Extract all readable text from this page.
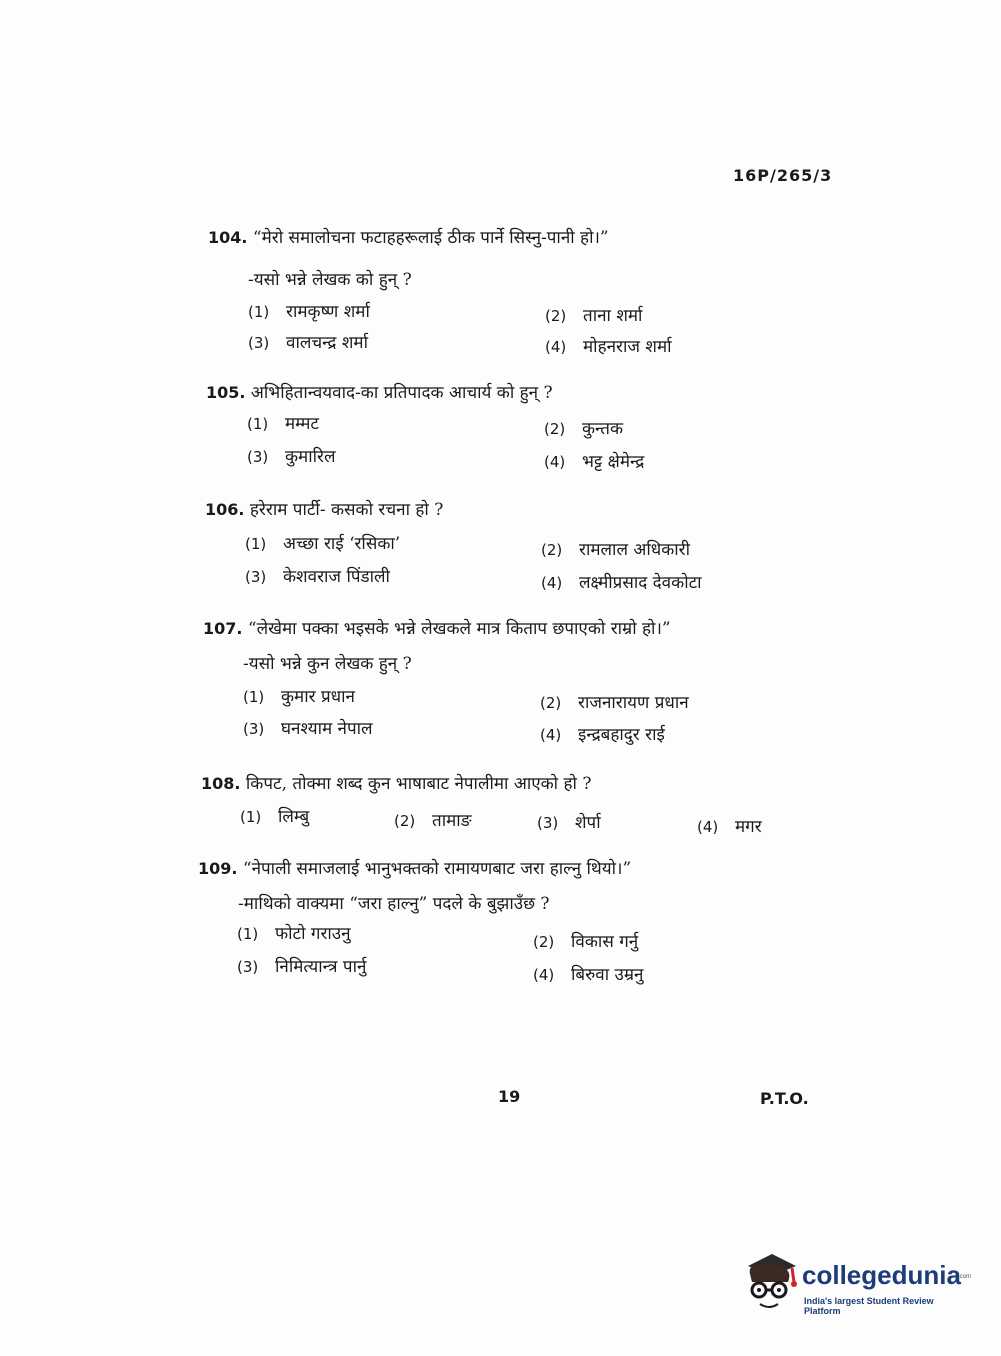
16P/265/3
104. “मेरो समालोचना फटाहहरूलाई ठीक पार्ने सिस्नु-पानी हो।”
-यसो भन्ने लेखक को हुन् ?
(1) रामकृष्ण शर्मा	(2) ताना शर्मा
(3) वालचन्द्र शर्मा	(4) मोहनराज शर्मा
105. अभिहितान्वयवाद-का प्रतिपादक आचार्य को हुन् ?
(1) मम्मट	(2) कुन्तक
(3) कुमारिल	(4) भट्ट क्षेमेन्द्र
106. हरेराम पार्टी- कसको रचना हो ?
(1) अच्छा राई ‘रसिका’	(2) रामलाल अधिकारी
(3) केशवराज पिंडाली	(4) लक्ष्मीप्रसाद देवकोटा
107. “लेखेमा पक्का भइसके भन्ने लेखकले मात्र किताप छपाएको राम्रो हो।”
-यसो भन्ने कुन लेखक हुन् ?
(1) कुमार प्रधान	(2) राजनारायण प्रधान
(3) घनश्याम नेपाल	(4) इन्द्रबहादुर राई
108. किपट, तोक्मा शब्द कुन भाषाबाट नेपालीमा आएको हो ?
(1) लिम्बु	(2) तामाङ	(3) शेर्पा	(4) मगर
109. “नेपाली समाजलाई भानुभक्तको रामायणबाट जरा हाल्नु थियो।”
-माथिको वाक्यमा “जरा हाल्नु” पदले के बुझाउँछ ?
(1) फोटो गराउनु	(2) विकास गर्नु
(3) निमित्यान्त्र पार्नु	(4) बिरुवा उम्रनु
19	P.T.O.
collegedunia
.com
India's largest Student Review Platform
